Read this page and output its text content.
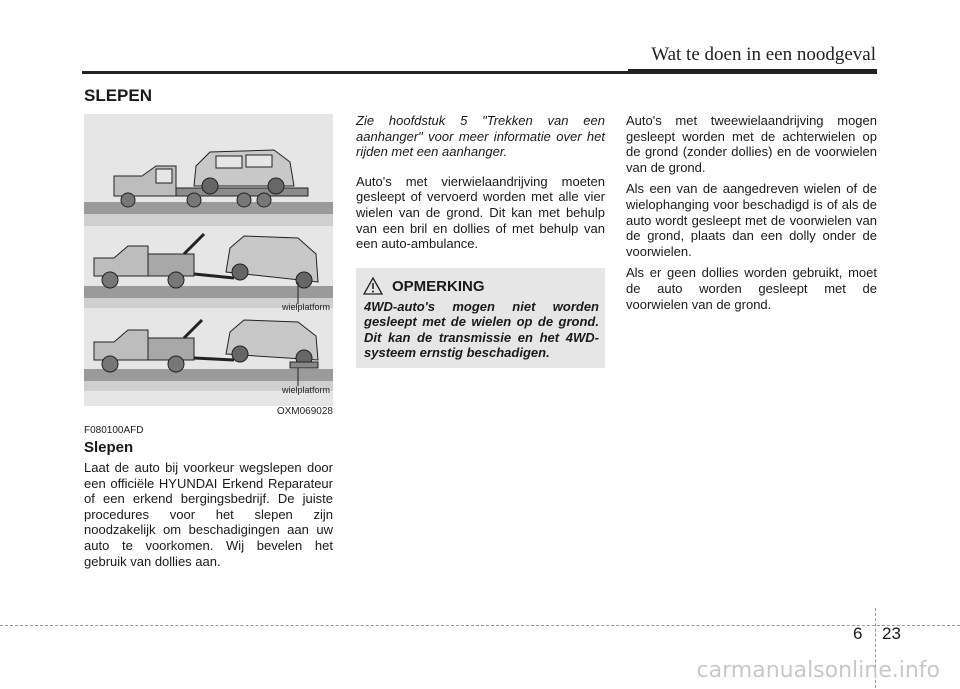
Wat te doen in een noodgeval
SLEPEN
wielplatform
wielplatform
OXM069028
F080100AFD
Slepen

Laat de auto bij voorkeur wegslepen door een officiële HYUNDAI Erkend Reparateur of een erkend bergingsbedrijf. De juiste procedures voor het slepen zijn noodzakelijk om beschadigingen aan uw auto te voorkomen. Wij bevelen het gebruik van dollies aan.

Zie hoofdstuk 5 "Trekken van een aanhanger" voor meer informatie over het rijden met een aanhanger.

Auto's met vierwielaandrijving moeten gesleept of vervoerd worden met alle vier wielen van de grond. Dit kan met behulp van een bril en dollies of met behulp van een auto-ambulance.

OPMERKING
4WD-auto's mogen niet worden gesleept met de wielen op de grond. Dit kan de transmissie en het 4WD-systeem ernstig beschadigen.

Auto's met tweewielaandrijving mogen gesleept worden met de achterwielen op de grond (zonder dollies) en de voorwielen van de grond.

Als een van de aangedreven wielen of de wielophanging voor beschadigd is of als de auto wordt gesleept met de voorwielen van de grond, plaats dan een dolly onder de voorwielen.

Als er geen dollies worden gebruikt, moet de auto worden gesleept met de voorwielen van de grond.

6 23
carmanualsonline.info
